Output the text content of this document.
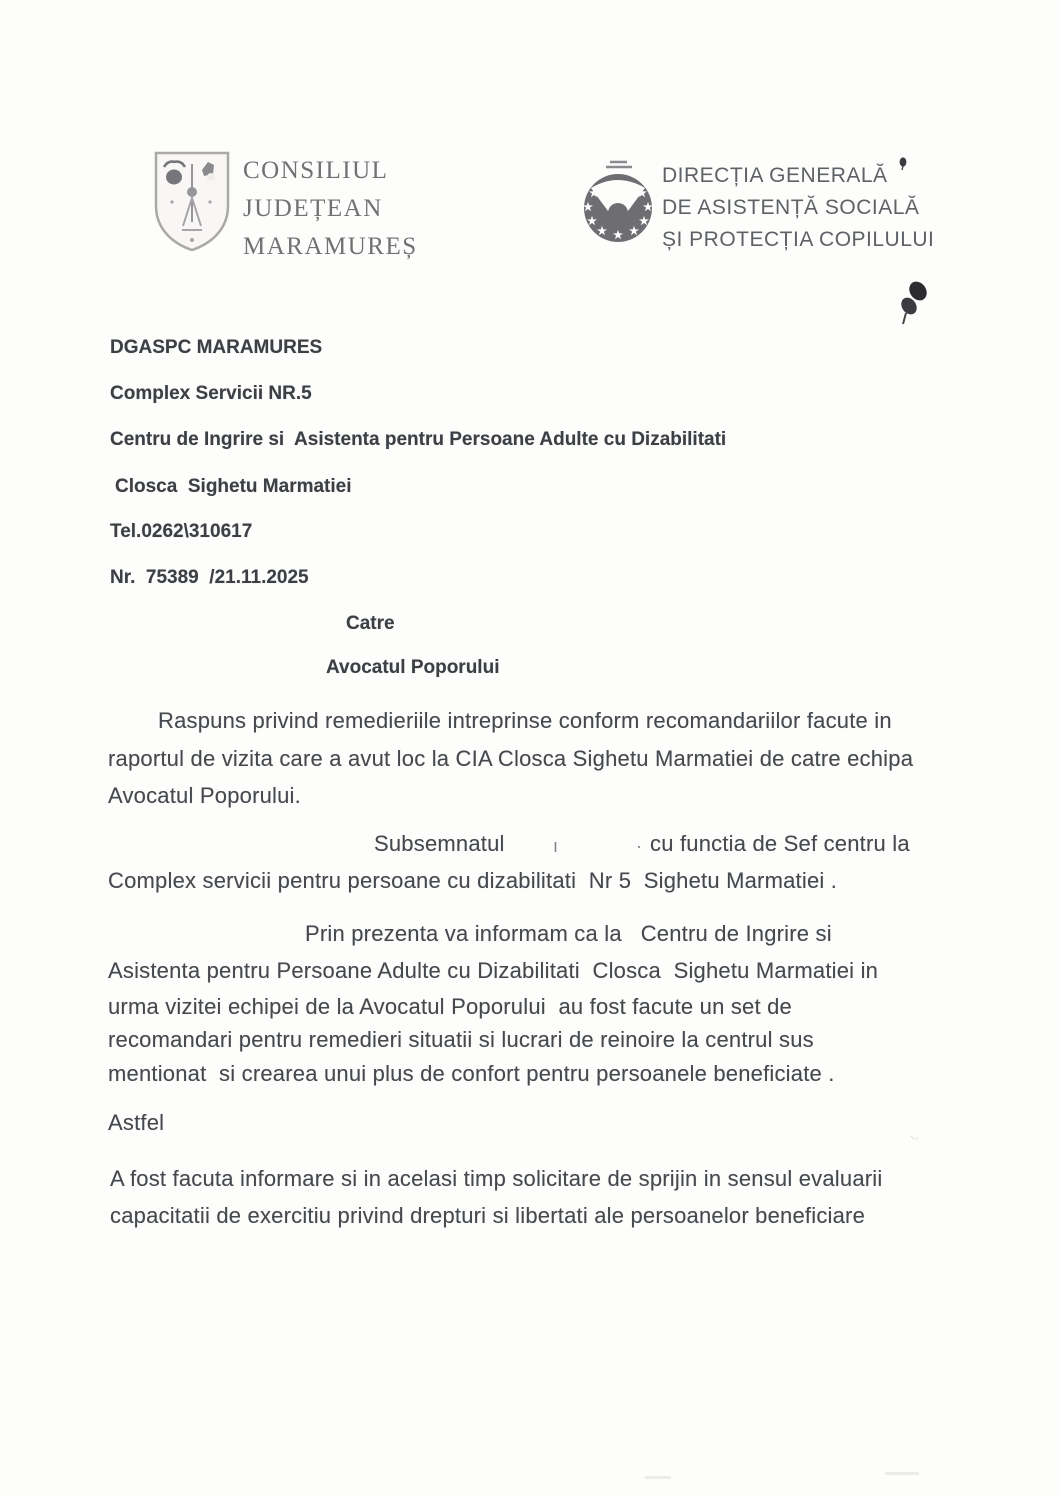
CONSILIUL
JUDEȚEAN
MARAMUREȘ
DIRECȚIA GENERALĂ
DE ASISTENȚĂ SOCIALĂ
ȘI PROTECȚIA COPILULUI
⸜.
DGASPC MARAMURES
Complex Servicii NR.5
Centru de Ingrire si  Asistenta pentru Persoane Adulte cu Dizabilitati
Closca  Sighetu Marmatiei
Tel.0262\310617
Nr.  75389  /21.11.2025
Catre
Avocatul Poporului
Raspuns privind remedieriile intreprinse conform recomandariilor facute in
raportul de vizita care a avut loc la CIA Closca Sighetu Marmatiei de catre echipa
Avocatul Poporului.
Subsemnatul	ı	· cu functia de Sef centru la
Complex servicii pentru persoane cu dizabilitati  Nr 5  Sighetu Marmatiei .
Prin prezenta va informam ca la   Centru de Ingrire si
Asistenta pentru Persoane Adulte cu Dizabilitati  Closca  Sighetu Marmatiei in
urma vizitei echipei de la Avocatul Poporului  au fost facute un set de
recomandari pentru remedieri situatii si lucrari de reinoire la centrul sus
mentionat  si crearea unui plus de confort pentru persoanele beneficiate .
Astfel
A fost facuta informare si in acelasi timp solicitare de sprijin in sensul evaluarii
capacitatii de exercitiu privind drepturi si libertati ale persoanelor beneficiare
